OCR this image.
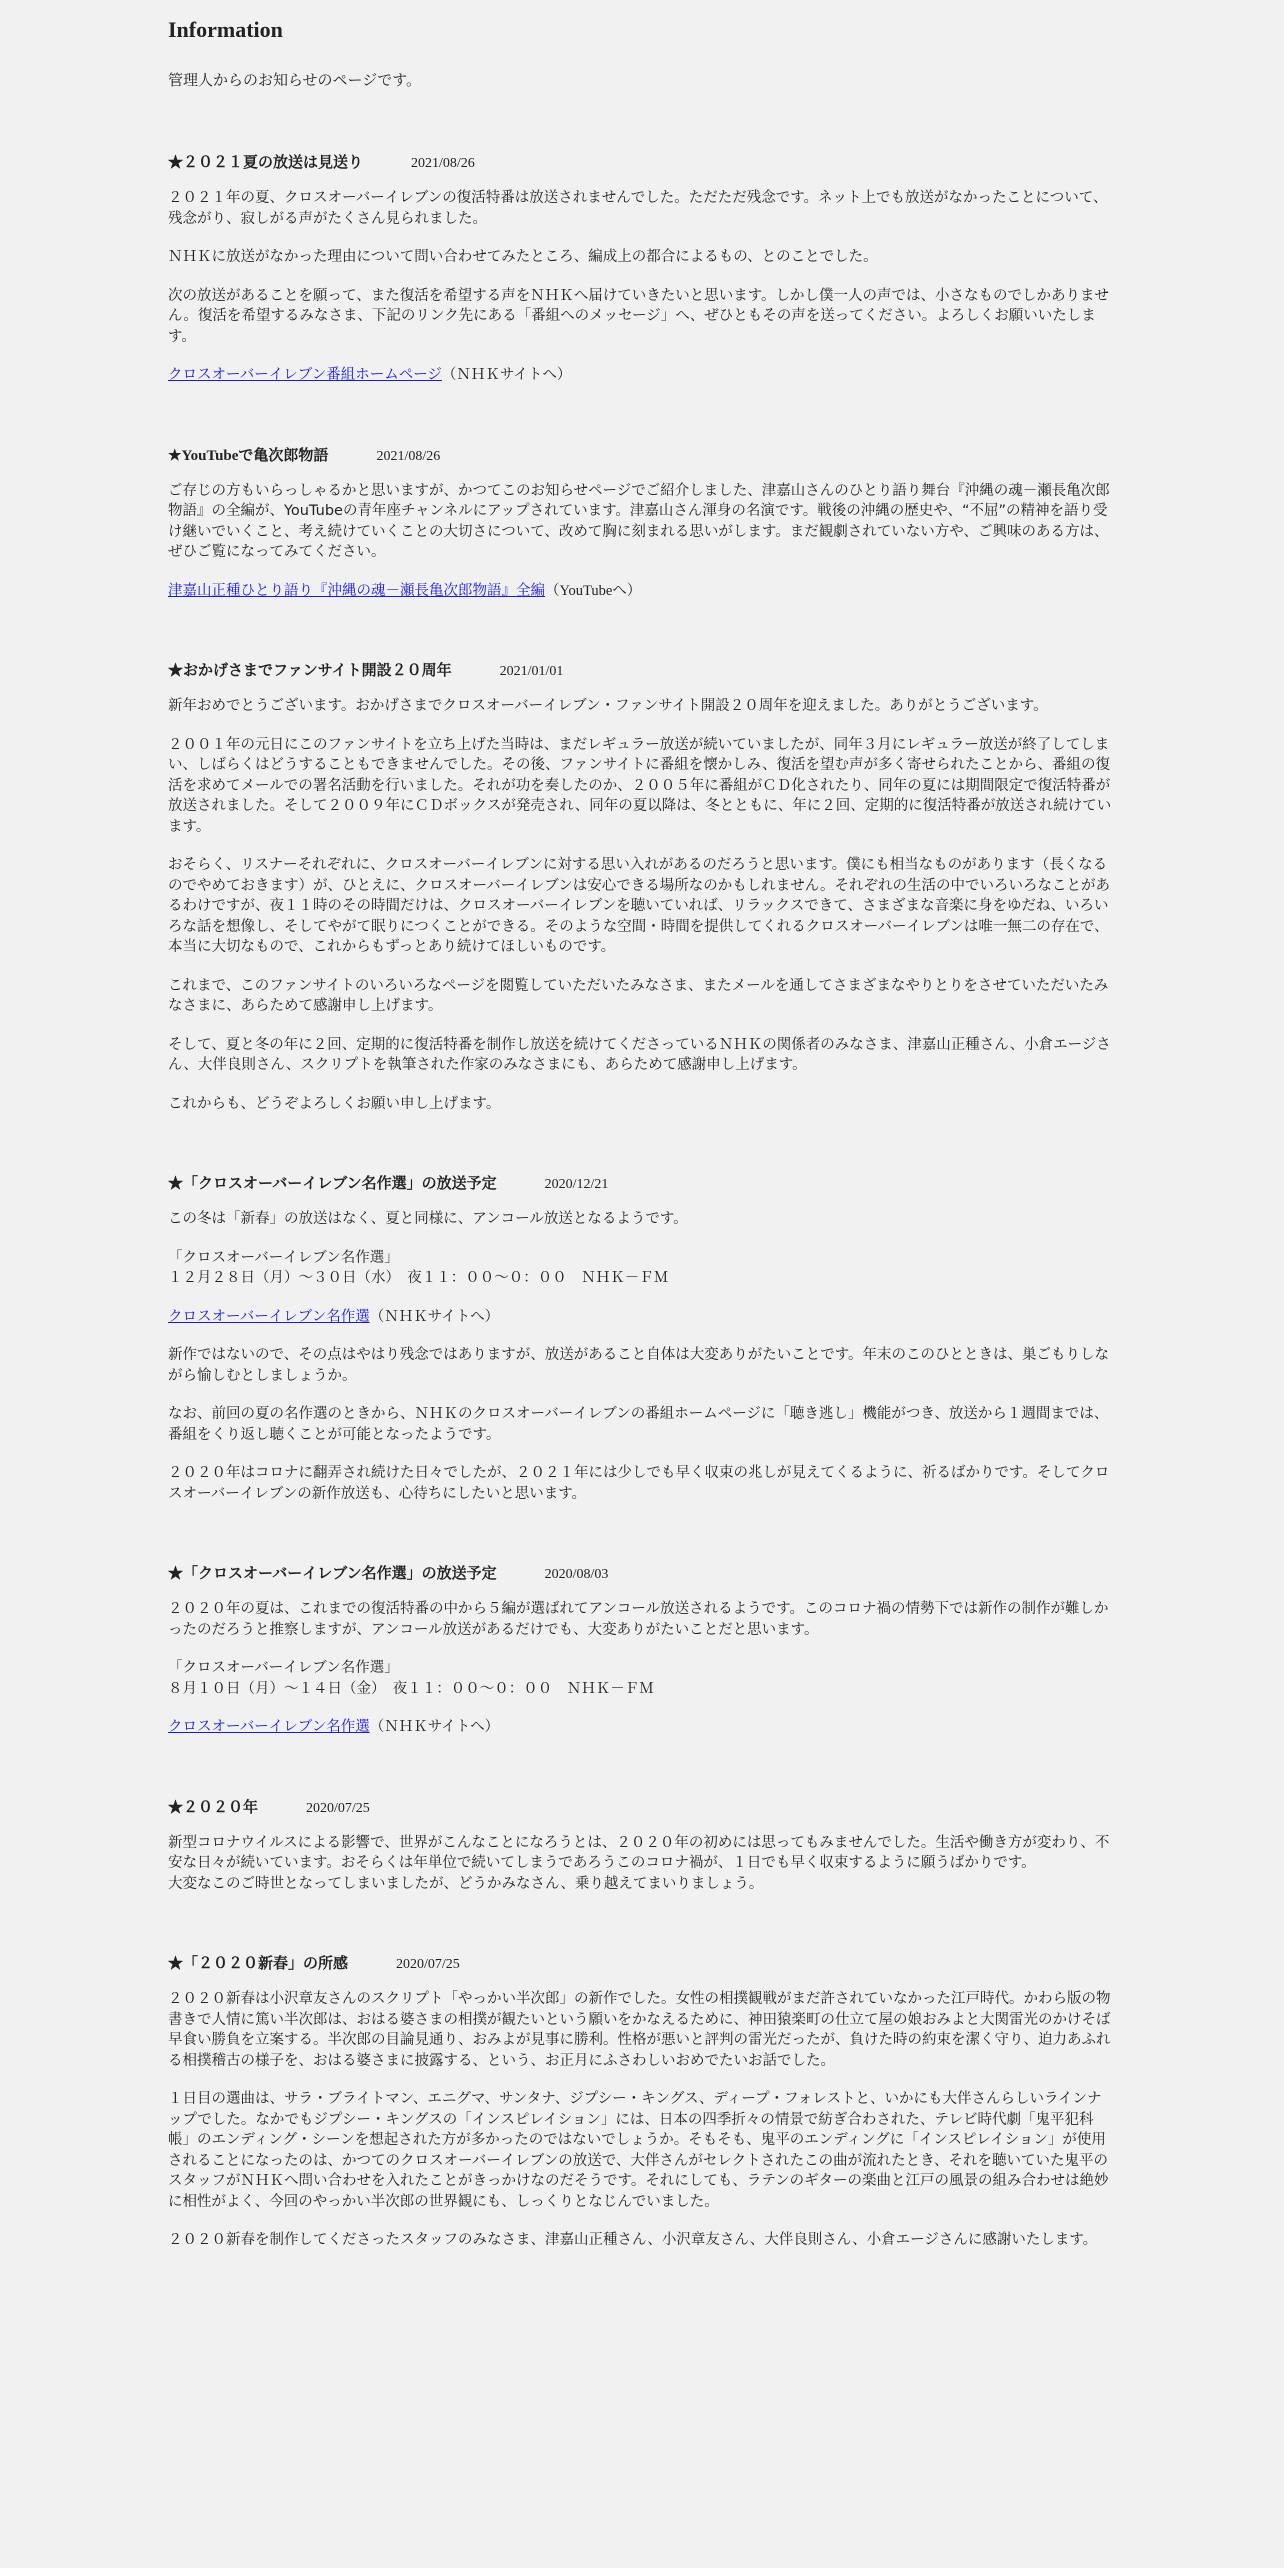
Information
管理人からのお知らせのページです。
★２０２１夏の放送は見送り	2021/08/26
２０２１年の夏、クロスオーバーイレブンの復活特番は放送されませんでした。ただただ残念です。ネット上でも放送がなかったことについて、残念がり、寂しがる声がたくさん見られました。
ＮＨＫに放送がなかった理由について問い合わせてみたところ、編成上の都合によるもの、とのことでした。
次の放送があることを願って、また復活を希望する声をＮＨＫへ届けていきたいと思います。しかし僕一人の声では、小さなものでしかありません。復活を希望するみなさま、下記のリンク先にある「番組へのメッセージ」へ、ぜひともその声を送ってください。よろしくお願いいたします。
クロスオーバーイレブン番組ホームページ（ＮＨＫサイトへ）
★YouTubeで亀次郎物語	2021/08/26
ご存じの方もいらっしゃるかと思いますが、かつてこのお知らせページでご紹介しました、津嘉山さんのひとり語り舞台『沖縄の魂－瀬長亀次郎物語』の全編が、YouTubeの青年座チャンネルにアップされています。津嘉山さん渾身の名演です。戦後の沖縄の歴史や、“不屈”の精神を語り受け継いでいくこと、考え続けていくことの大切さについて、改めて胸に刻まれる思いがします。まだ観劇されていない方や、ご興味のある方は、ぜひご覧になってみてください。
津嘉山正種ひとり語り『沖縄の魂－瀬長亀次郎物語』全編（YouTubeへ）
★おかげさまでファンサイト開設２０周年	2021/01/01
新年おめでとうございます。おかげさまでクロスオーバーイレブン・ファンサイト開設２０周年を迎えました。ありがとうございます。
２００１年の元日にこのファンサイトを立ち上げた当時は、まだレギュラー放送が続いていましたが、同年３月にレギュラー放送が終了してしまい、しばらくはどうすることもできませんでした。その後、ファンサイトに番組を懐かしみ、復活を望む声が多く寄せられたことから、番組の復活を求めてメールでの署名活動を行いました。それが功を奏したのか、２００５年に番組がＣＤ化されたり、同年の夏には期間限定で復活特番が放送されました。そして２００９年にＣＤボックスが発売され、同年の夏以降は、冬とともに、年に２回、定期的に復活特番が放送され続けています。
おそらく、リスナーそれぞれに、クロスオーバーイレブンに対する思い入れがあるのだろうと思います。僕にも相当なものがあります（長くなるのでやめておきます）が、ひとえに、クロスオーバーイレブンは安心できる場所なのかもしれません。それぞれの生活の中でいろいろなことがあるわけですが、夜１１時のその時間だけは、クロスオーバーイレブンを聴いていれば、リラックスできて、さまざまな音楽に身をゆだね、いろいろな話を想像し、そしてやがて眠りにつくことができる。そのような空間・時間を提供してくれるクロスオーバーイレブンは唯一無二の存在で、本当に大切なもので、これからもずっとあり続けてほしいものです。
これまで、このファンサイトのいろいろなページを閲覧していただいたみなさま、またメールを通してさまざまなやりとりをさせていただいたみなさまに、あらためて感謝申し上げます。
そして、夏と冬の年に２回、定期的に復活特番を制作し放送を続けてくださっているＮＨＫの関係者のみなさま、津嘉山正種さん、小倉エージさん、大伴良則さん、スクリプトを執筆された作家のみなさまにも、あらためて感謝申し上げます。
これからも、どうぞよろしくお願い申し上げます。
★「クロスオーバーイレブン名作選」の放送予定	2020/12/21
この冬は「新春」の放送はなく、夏と同様に、アンコール放送となるようです。
「クロスオーバーイレブン名作選」
１２月２８日（月）～３０日（水）　夜１１：００～０：００　ＮＨＫ－ＦＭ
クロスオーバーイレブン名作選（ＮＨＫサイトへ）
新作ではないので、その点はやはり残念ではありますが、放送があること自体は大変ありがたいことです。年末のこのひとときは、巣ごもりしながら愉しむとしましょうか。
なお、前回の夏の名作選のときから、ＮＨＫのクロスオーバーイレブンの番組ホームページに「聴き逃し」機能がつき、放送から１週間までは、番組をくり返し聴くことが可能となったようです。
２０２０年はコロナに翻弄され続けた日々でしたが、２０２１年には少しでも早く収束の兆しが見えてくるように、祈るばかりです。そしてクロスオーバーイレブンの新作放送も、心待ちにしたいと思います。
★「クロスオーバーイレブン名作選」の放送予定	2020/08/03
２０２０年の夏は、これまでの復活特番の中から５編が選ばれてアンコール放送されるようです。このコロナ禍の情勢下では新作の制作が難しかったのだろうと推察しますが、アンコール放送があるだけでも、大変ありがたいことだと思います。
「クロスオーバーイレブン名作選」
８月１０日（月）～１４日（金）　夜１１：００～０：００　ＮＨＫ－ＦＭ
クロスオーバーイレブン名作選（ＮＨＫサイトへ）
★２０２０年	2020/07/25
新型コロナウイルスによる影響で、世界がこんなことになろうとは、２０２０年の初めには思ってもみませんでした。生活や働き方が変わり、不安な日々が続いています。おそらくは年単位で続いてしまうであろうこのコロナ禍が、１日でも早く収束するように願うばかりです。
大変なこのご時世となってしまいましたが、どうかみなさん、乗り越えてまいりましょう。
★「２０２０新春」の所感	2020/07/25
２０２０新春は小沢章友さんのスクリプト「やっかい半次郎」の新作でした。女性の相撲観戦がまだ許されていなかった江戸時代。かわら版の物書きで人情に篤い半次郎は、おはる婆さまの相撲が観たいという願いをかなえるために、神田猿楽町の仕立て屋の娘おみよと大関雷光のかけそば早食い勝負を立案する。半次郎の目論見通り、おみよが見事に勝利。性格が悪いと評判の雷光だったが、負けた時の約束を潔く守り、迫力あふれる相撲稽古の様子を、おはる婆さまに披露する、という、お正月にふさわしいおめでたいお話でした。
１日目の選曲は、サラ・ブライトマン、エニグマ、サンタナ、ジプシー・キングス、ディープ・フォレストと、いかにも大伴さんらしいラインナップでした。なかでもジプシー・キングスの「インスピレイション」には、日本の四季折々の情景で紡ぎ合わされた、テレビ時代劇「鬼平犯科帳」のエンディング・シーンを想起された方が多かったのではないでしょうか。そもそも、鬼平のエンディングに「インスピレイション」が使用されることになったのは、かつてのクロスオーバーイレブンの放送で、大伴さんがセレクトされたこの曲が流れたとき、それを聴いていた鬼平のスタッフがＮＨＫへ問い合わせを入れたことがきっかけなのだそうです。それにしても、ラテンのギターの楽曲と江戸の風景の組み合わせは絶妙に相性がよく、今回のやっかい半次郎の世界観にも、しっくりとなじんでいました。
２０２０新春を制作してくださったスタッフのみなさま、津嘉山正種さん、小沢章友さん、大伴良則さん、小倉エージさんに感謝いたします。
